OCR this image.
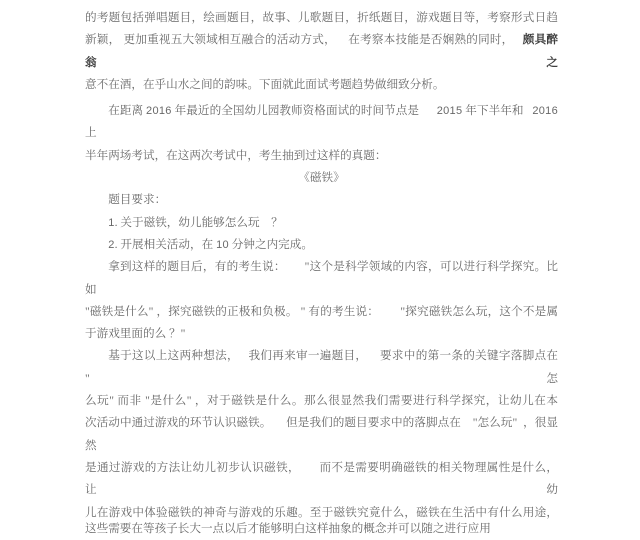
的考题包括弹唱题目，绘画题目，故事、儿歌题目，折纸题目，游戏题目等，考察形式日趋
新颖， 更加重视五大领域相互融合的活动方式，    在考察本技能是否娴熟的同时，   颇具醉翁之
意不在酒，在乎山水之间的韵味。下面就此面试考题趋势做细致分析。
在距离 2016 年最近的全国幼儿园教师资格面试的时间节点是      2015 年下半年和   2016 上
半年两场考试，在这两次考试中，考生抽到过这样的真题：
《磁铁》
题目要求：
1. 关于磁铁，幼儿能够怎么玩    ？
2. 开展相关活动，在 10 分钟之内完成。
拿到这样的题目后，有的考生说：      "这个是科学领域的内容，可以进行科学探究。比如
"磁铁是什么" ，探究磁铁的正极和负极。 " 有的考生说：       "探究磁铁怎么玩，这个不是属
于游戏里面的么 ？"
基于这以上这两种想法，   我们再来审一遍题目，    要求中的第一条的关键字落脚点在    "怎
么玩" 而非 "是什么" ，对于磁铁是什么。那么很显然我们需要进行科学探究，让幼儿在本
次活动中通过游戏的环节认识磁铁。     但是我们的题目要求中的落脚点在    "怎么玩"  ，很显然
是通过游戏的方法让幼儿初步认识磁铁，      而不是需要明确磁铁的相关物理属性是什么，    让幼
儿在游戏中体验磁铁的神奇与游戏的乐趣。至于磁铁究竟什么，磁铁在生活中有什么用途，
这些需要在等孩子长大一点以后才能够明白这样抽象的概念并可以随之进行应用
